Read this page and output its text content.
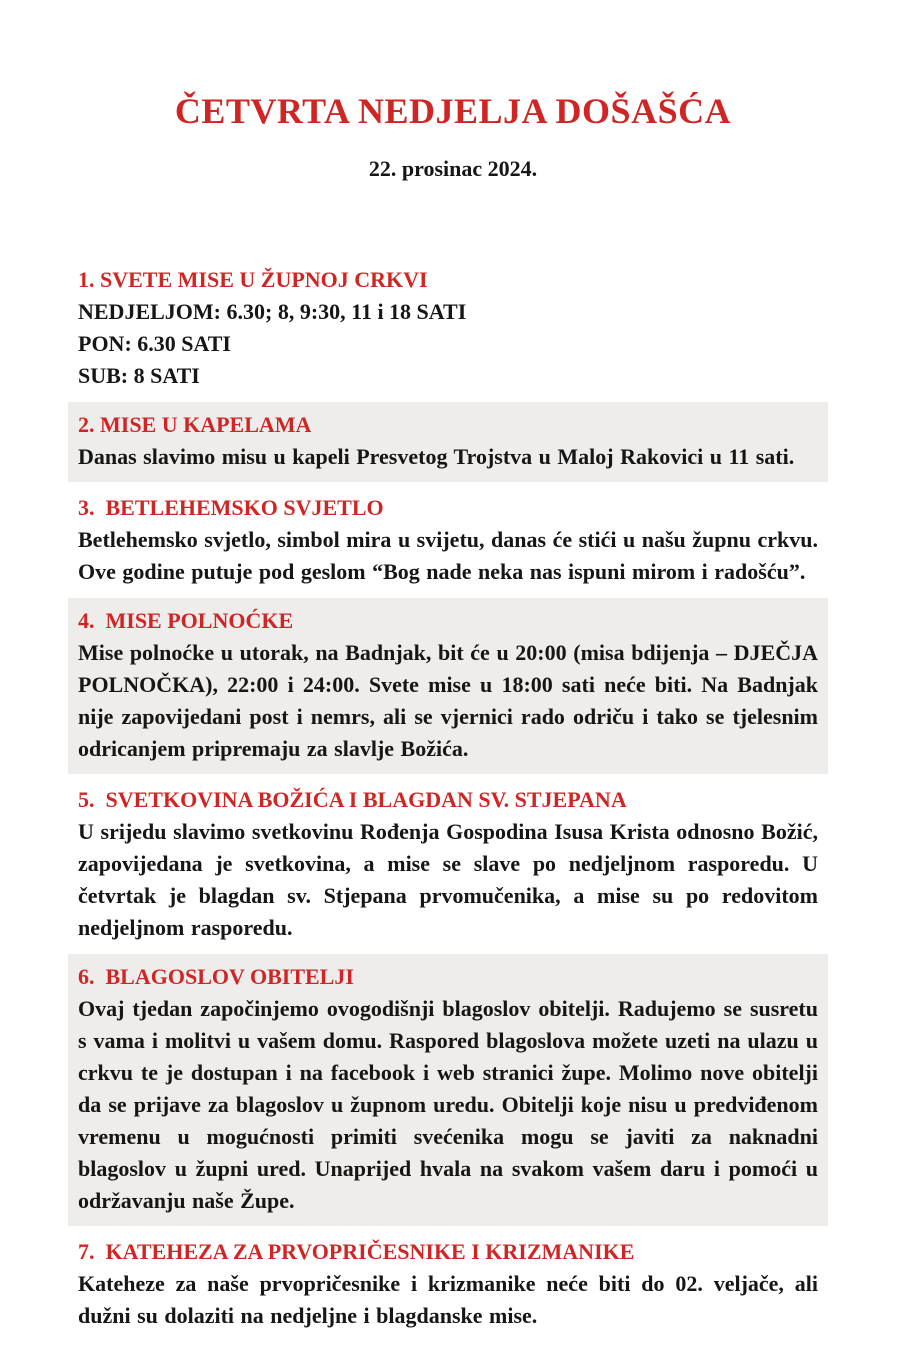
ČETVRTA NEDJELJA DOŠAŠĆA

22. prosinac 2024.

1. SVETE MISE U ŽUPNOJ CRKVI

NEDJELJOM: 6.30; 8, 9:30, 11 i 18 SATI

PON: 6.30 SATI

SUB: 8 SATI

2. MISE U KAPELAMA

Danas slavimo misu u kapeli Presvetog Trojstva u Maloj Rakovici u 11 sati.

3.  BETLEHEMSKO SVJETLO

Betlehemsko svjetlo, simbol mira u svijetu, danas će stići u našu župnu crkvu. Ove godine putuje pod geslom “Bog nade neka nas ispuni mirom i radošću”.

4.  MISE POLNOĆKE

Mise polnoćke u utorak, na Badnjak, bit će u 20:00 (misa bdijenja – DJEČJA POLNOČKA), 22:00 i 24:00. Svete mise u 18:00 sati neće biti. Na Badnjak nije zapovijedani post i nemrs, ali se vjernici rado odriču i tako se tjelesnim odricanjem pripremaju za slavlje Božića.

5.  SVETKOVINA BOŽIĆA I BLAGDAN SV. STJEPANA

U srijedu slavimo svetkovinu Rođenja Gospodina Isusa Krista odnosno Božić, zapovijedana je svetkovina, a mise se slave po nedjeljnom rasporedu. U četvrtak je blagdan sv. Stjepana prvomučenika, a mise su po redovitom nedjeljnom rasporedu.

6.  BLAGOSLOV OBITELJI

Ovaj tjedan započinjemo ovogodišnji blagoslov obitelji. Radujemo se susretu s vama i molitvi u vašem domu. Raspored blagoslova možete uzeti na ulazu u crkvu te je dostupan i na facebook i web stranici župe. Molimo nove obitelji da se prijave za blagoslov u župnom uredu. Obitelji koje nisu u predviđenom vremenu u mogućnosti primiti svećenika mogu se javiti za naknadni blagoslov u župni ured. Unaprijed hvala na svakom vašem daru i pomoći u održavanju naše Župe.

7.  KATEHEZA ZA PRVOPRIČESNIKE I KRIZMANIKE

Kateheze za naše prvopričesnike i krizmanike neće biti do 02. veljače, ali dužni su dolaziti na nedjeljne i blagdanske mise.
